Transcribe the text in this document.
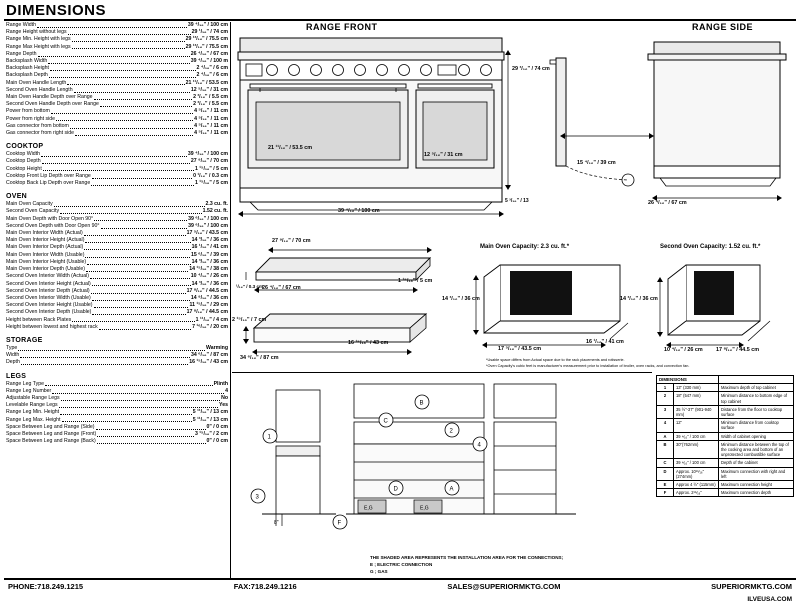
DIMENSIONS
Range Width	39 ⁴/₁₆" / 100 cm
Range Height without legs	29 ¹/₁₆" / 74 cm
Range Min. Height with legs	29 ¹³/₁₆" / 75.5 cm
Range Max Height with legs	29 ¹³/₁₆" / 75.5 cm
Range Depth	26 ⁴/₁₆" / 67 cm
Backsplash Width	39 ⁴/₁₆" / 100 m
Backsplash Height	2 ⁴/₁₆" / 6 cm
Backsplash Depth	2 ⁴/₁₆" / 6 cm
Main Oven Handle Length	21 ¹¹/₁₆" / 53.5 cm
Second Oven Handle Length	12 ⁵/₁₆" / 31 cm
Main Oven Handle Depth over Range	2 ³/₁₆" / 5.5 cm
Second Oven Handle Depth over Range	2 ³/₁₆" / 5.5 cm
Power from bottom	4 ⁵/₁₆" / 11 cm
Power from right side	4 ⁵/₁₆" / 11 cm
Gas connector from bottom	4 ⁵/₁₆" / 11 cm
Gas connector from right side	4 ⁵/₁₆" / 11 cm
COOKTOP
Cooktop Width	39 ⁴/₁₆" / 100 cm
Cooktop Depth	27 ⁹/₁₆" / 70 cm
Cooktop Height	1 ¹⁵/₁₆" / 5 cm
Cooktop Front Lip Depth over Range	0 ¹/₁₆" / 0.3 cm
Cooktop Back Lip Depth over Range	1 ¹⁵/₁₆" / 5 cm
OVEN
Main Oven Capacity	2.3 cu. ft.
Second Oven Capacity	1.52 cu. ft.
Main Oven Depth with Door Open 90°	39 ⁶/₁₆" / 100 cm
Second Oven Depth with Door Open 90°	39 ⁶/₁₆" / 100 cm
Main Oven Interior Width (Actual)	17 ⁵/₁₆" / 43.5 cm
Main Oven Interior Height (Actual)	14 ³/₁₆" / 36 cm
Main Oven Interior Depth (Actual)	16 ¹/₁₆" / 41 cm
Main Oven Interior Width (Usable)	15 ⁶/₁₆" / 39 cm
Main Oven Interior Height (Usable)	14 ³/₁₆" / 36 cm
Main Oven Interior Depth (Usable)	14 ¹⁵/₁₆" / 38 cm
Second Oven Interior Width (Actual)	10 ⁴/₁₆" / 26 cm
Second Oven Interior Height (Actual)	14 ³/₁₆" / 36 cm
Second Oven Interior Depth (Actual)	17 ⁸/₁₆" / 44.5 cm
Second Oven Interior Width (Usable)	14 ⁹/₁₆" / 36 cm
Second Oven Interior Height (Usable)	11 ¹⁵/₁₆" / 29 cm
Second Oven Interior Depth (Usable)	17 ⁸/₁₆" / 44.5 cm
Height between Rack Plates	1 ¹¹/₁₆" / 4 cm
Height between lowest and highest rack	7 ¹⁶/₁₆" / 20 cm
STORAGE
Type	Warming
Width	34 ⁶/₁₆" / 87 cm
Depth	16 ¹⁵/₁₆" / 43 cm
LEGS
Range Leg Type	Plinth
Range Leg Number	4
Adjustable Range Legs	No
Levelable Range Legs	Yes
Range Leg Min. Height	5 ¹¹/₁₆" / 13 cm
Range Leg Max. Height	5 ¹¹/₁₆" / 13 cm
Space Between Leg and Range (Side)	0" / 0 cm
Space Between Leg and Range (Front)	3 ¹⁵/₁₆" / 2 cm
Space Between Leg and Range (Back)	0" / 0 cm
RANGE FRONT
29 ³/₁₆" / 74 cm
21 ¹¹/₁₆" / 53.5 cm
12 ⁵/₁₆" / 31 cm
39 ⁴/₁₆" / 100 cm
5 ³/₁₆" / 13
RANGE SIDE
15 ⁴/₁₆" / 39 cm
26 ⁴/₁₆" / 67 cm
27 ⁹/₁₆" / 70 cm
1 ¹⁵/₁₆" / 5 cm
¹/₁₆" / 0.3 cm
26 ⁴/₁₆" / 67 cm
2 ¹⁵/₁₆" / 7 cm
34 ⁶/₁₆" / 87 cm
16 ¹⁵/₁₆" / 43 cm
Main Oven Capacity: 2.3 cu. ft.*
14 ³/₁₆" / 36 cm
17 ⁵/₁₆" / 43.5 cm
16 ¹/₁₆" / 41 cm
Second Oven Capacity: 1.52 cu. ft.*
14 ³/₁₆" / 36 cm
10 ⁴/₁₆" / 26 cm 17 ⁸/₁₆" / 44.5 cm
*Usable space differs from Actual space due to the rack placements and rotisserie.
*Oven Capacity's cubic feet is manufacturer's measurement prior to installation of broiler, oven racks, and convection fan.
1
3
8"
E,G	E,G
B
C
2
4
D	A
F
THE SHADED AREA REPRESENTS THE INSTALLATION AREA FOR THE CONNECTIONS;
E ; ELECTRIC CONNECTION
G ; GAS
DIMENSIONS		
1	13" (330 mm)	Maximum depth of top cabinet
2	18" (547 mm)	Minimum distance to bottom edge of top cabinet
3	35 ½"-37" (901-940 mm)	Distance from the floor to cooktop surface
4	12"	Minimum distance from cooktop surface
A	39 ⁴⁄₁₆" / 100 cm	Width of cabinet opening
B	30"(762mm)	Minimum distance between the top of the cooking area and bottom of an unprotected combustible surface
C	39 ⁴⁄₁₆" / 100 cm	Depth of the cabinet
D	Approx. 10¹⁵⁄₁₆" (274mm)	Maximum connection with right and left
E	Approx 4 ½" (115mm)	Maximum connection height
F	Approx. 2¹⁵⁄₁₆"	Maximum connection depth
PHONE:718.249.1215	FAX:718.249.1216	SALES@SUPERIORMKTG.COM	SUPERIORMKTG.COM
ILVEUSA.COM
